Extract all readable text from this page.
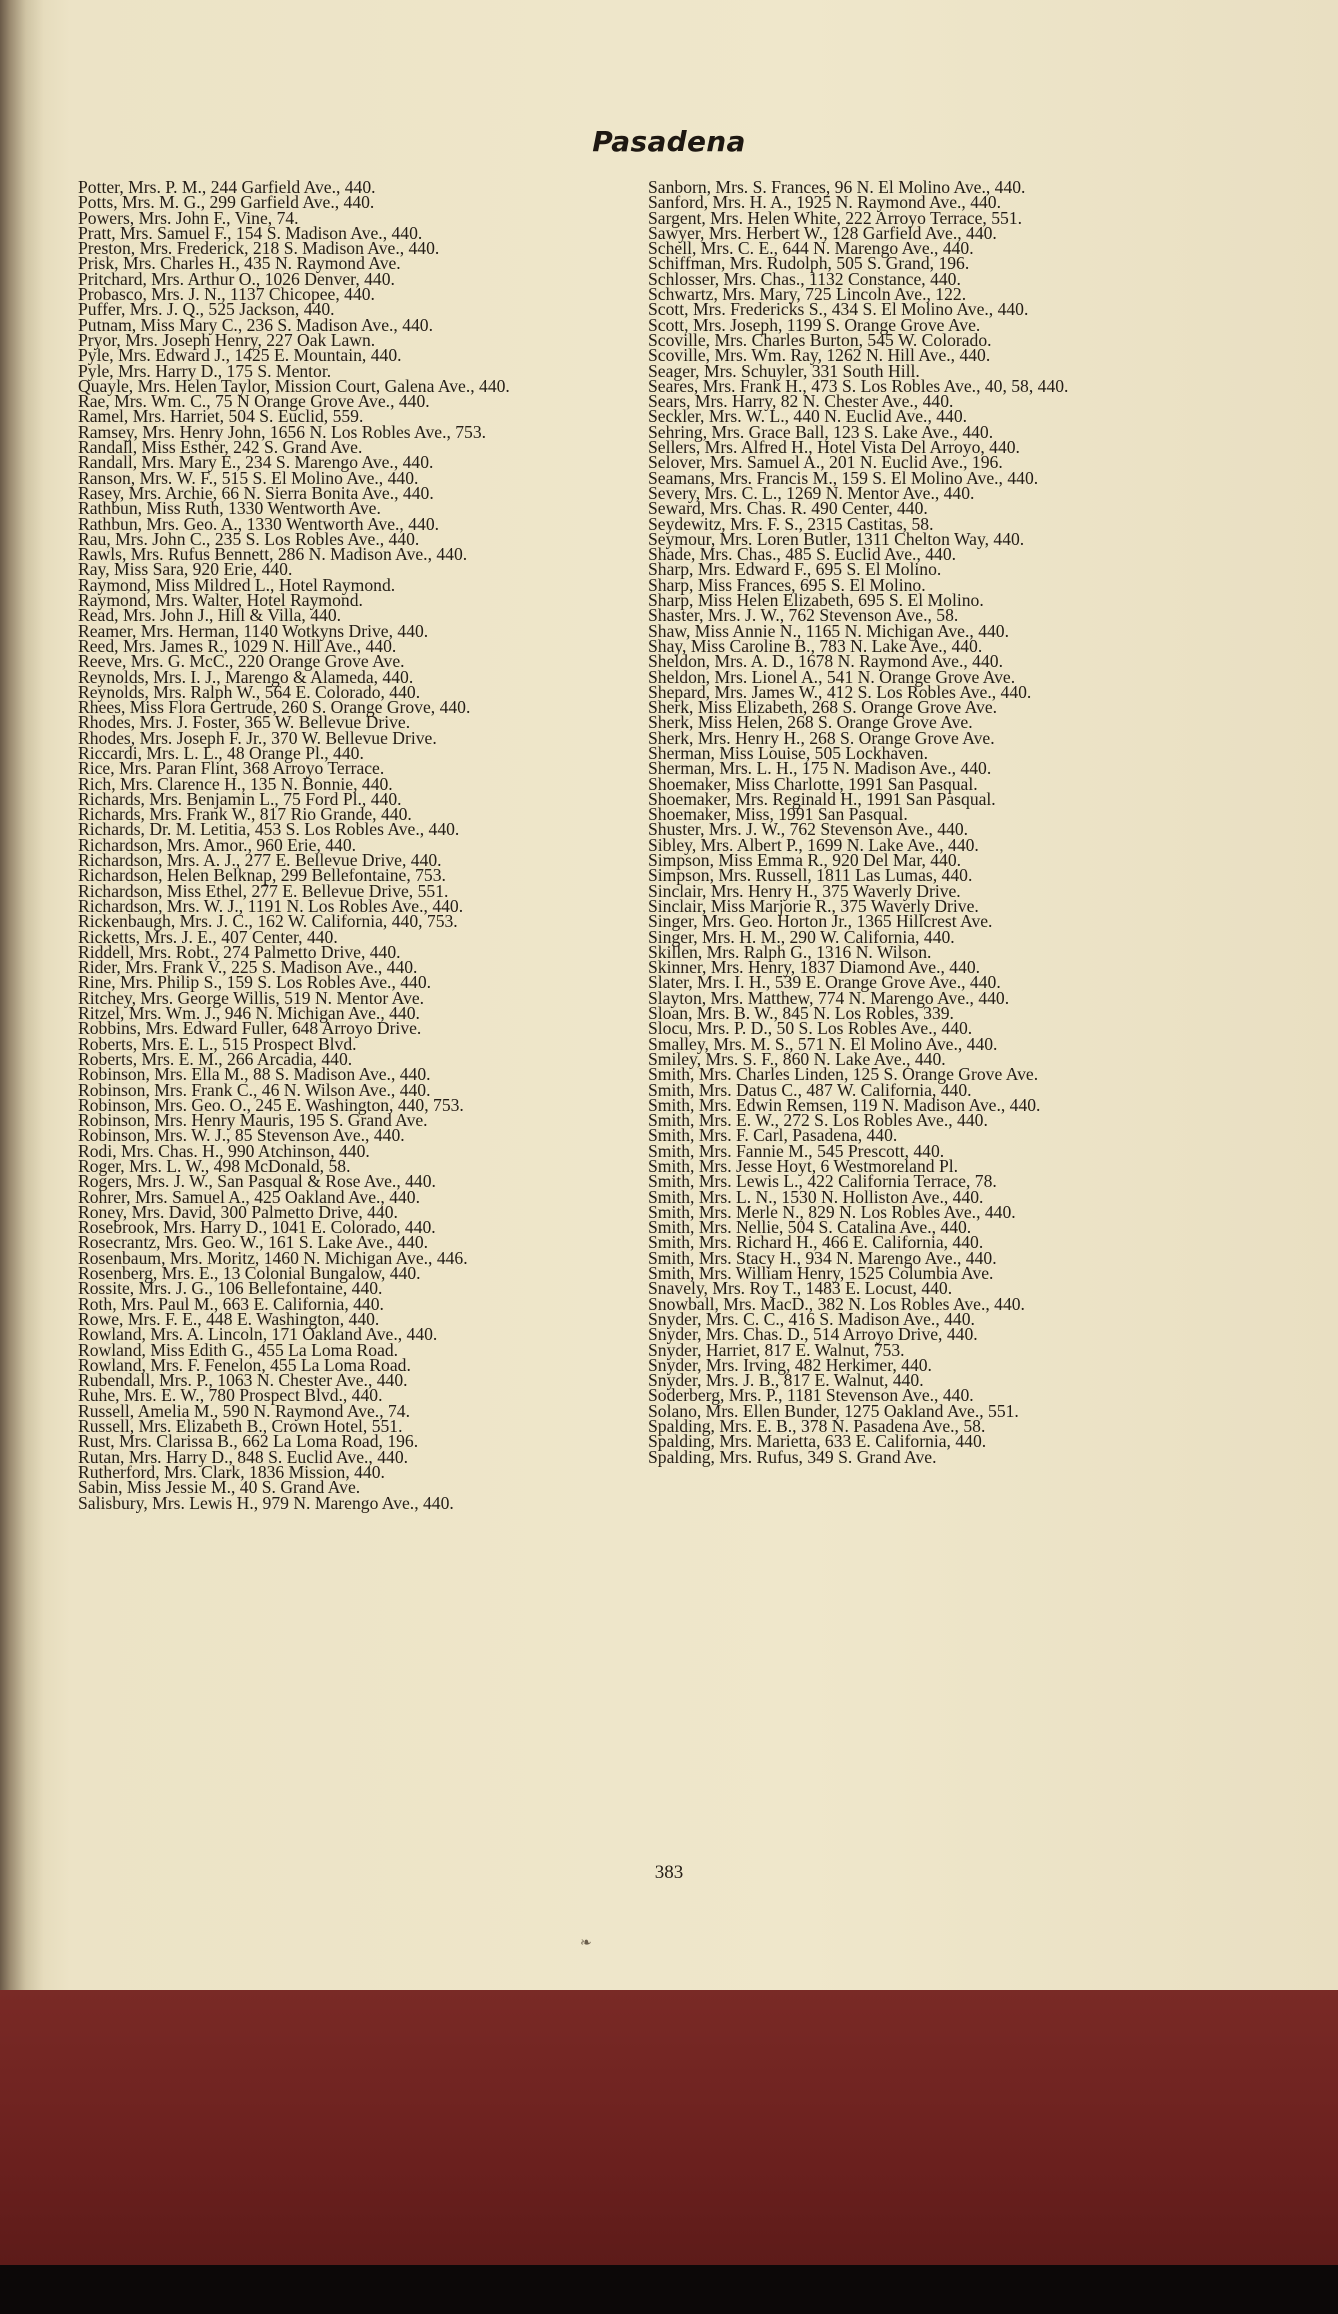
Pasadena

Potter, Mrs. P. M., 244 Garfield Ave., 440.

Potts, Mrs. M. G., 299 Garfield Ave., 440.

Powers, Mrs. John F., Vine, 74.

Pratt, Mrs. Samuel F., 154 S. Madison Ave., 440.

Preston, Mrs. Frederick, 218 S. Madison Ave., 440.

Prisk, Mrs. Charles H., 435 N. Raymond Ave.

Pritchard, Mrs. Arthur O., 1026 Denver, 440.

Probasco, Mrs. J. N., 1137 Chicopee, 440.

Puffer, Mrs. J. Q., 525 Jackson, 440.

Putnam, Miss Mary C., 236 S. Madison Ave., 440.

Pryor, Mrs. Joseph Henry, 227 Oak Lawn.

Pyle, Mrs. Edward J., 1425 E. Mountain, 440.

Pyle, Mrs. Harry D., 175 S. Mentor.

Quayle, Mrs. Helen Taylor, Mission Court, Galena Ave., 440.

Rae, Mrs. Wm. C., 75 N Orange Grove Ave., 440.

Ramel, Mrs. Harriet, 504 S. Euclid, 559.

Ramsey, Mrs. Henry John, 1656 N. Los Robles Ave., 753.

Randall, Miss Esther, 242 S. Grand Ave.

Randall, Mrs. Mary E., 234 S. Marengo Ave., 440.

Ranson, Mrs. W. F., 515 S. El Molino Ave., 440.

Rasey, Mrs. Archie, 66 N. Sierra Bonita Ave., 440.

Rathbun, Miss Ruth, 1330 Wentworth Ave.

Rathbun, Mrs. Geo. A., 1330 Wentworth Ave., 440.

Rau, Mrs. John C., 235 S. Los Robles Ave., 440.

Rawls, Mrs. Rufus Bennett, 286 N. Madison Ave., 440.

Ray, Miss Sara, 920 Erie, 440.

Raymond, Miss Mildred L., Hotel Raymond.

Raymond, Mrs. Walter, Hotel Raymond.

Read, Mrs. John J., Hill & Villa, 440.

Reamer, Mrs. Herman, 1140 Wotkyns Drive, 440.

Reed, Mrs. James R., 1029 N. Hill Ave., 440.

Reeve, Mrs. G. McC., 220 Orange Grove Ave.

Reynolds, Mrs. I. J., Marengo & Alameda, 440.

Reynolds, Mrs. Ralph W., 564 E. Colorado, 440.

Rhees, Miss Flora Gertrude, 260 S. Orange Grove, 440.

Rhodes, Mrs. J. Foster, 365 W. Bellevue Drive.

Rhodes, Mrs. Joseph F. Jr., 370 W. Bellevue Drive.

Riccardi, Mrs. L. L., 48 Orange Pl., 440.

Rice, Mrs. Paran Flint, 368 Arroyo Terrace.

Rich, Mrs. Clarence H., 135 N. Bonnie, 440.

Richards, Mrs. Benjamin L., 75 Ford Pl., 440.

Richards, Mrs. Frank W., 817 Rio Grande, 440.

Richards, Dr. M. Letitia, 453 S. Los Robles Ave., 440.

Richardson, Mrs. Amor., 960 Erie, 440.

Richardson, Mrs. A. J., 277 E. Bellevue Drive, 440.

Richardson, Helen Belknap, 299 Bellefontaine, 753.

Richardson, Miss Ethel, 277 E. Bellevue Drive, 551.

Richardson, Mrs. W. J., 1191 N. Los Robles Ave., 440.

Rickenbaugh, Mrs. J. C., 162 W. California, 440, 753.

Ricketts, Mrs. J. E., 407 Center, 440.

Riddell, Mrs. Robt., 274 Palmetto Drive, 440.

Rider, Mrs. Frank V., 225 S. Madison Ave., 440.

Rine, Mrs. Philip S., 159 S. Los Robles Ave., 440.

Ritchey, Mrs. George Willis, 519 N. Mentor Ave.

Ritzel, Mrs. Wm. J., 946 N. Michigan Ave., 440.

Robbins, Mrs. Edward Fuller, 648 Arroyo Drive.

Roberts, Mrs. E. L., 515 Prospect Blvd.

Roberts, Mrs. E. M., 266 Arcadia, 440.

Robinson, Mrs. Ella M., 88 S. Madison Ave., 440.

Robinson, Mrs. Frank C., 46 N. Wilson Ave., 440.

Robinson, Mrs. Geo. O., 245 E. Washington, 440, 753.

Robinson, Mrs. Henry Mauris, 195 S. Grand Ave.

Robinson, Mrs. W. J., 85 Stevenson Ave., 440.

Rodi, Mrs. Chas. H., 990 Atchinson, 440.

Roger, Mrs. L. W., 498 McDonald, 58.

Rogers, Mrs. J. W., San Pasqual & Rose Ave., 440.

Rohrer, Mrs. Samuel A., 425 Oakland Ave., 440.

Roney, Mrs. David, 300 Palmetto Drive, 440.

Rosebrook, Mrs. Harry D., 1041 E. Colorado, 440.

Rosecrantz, Mrs. Geo. W., 161 S. Lake Ave., 440.

Rosenbaum, Mrs. Moritz, 1460 N. Michigan Ave., 446.

Rosenberg, Mrs. E., 13 Colonial Bungalow, 440.

Rossite, Mrs. J. G., 106 Bellefontaine, 440.

Roth, Mrs. Paul M., 663 E. California, 440.

Rowe, Mrs. F. E., 448 E. Washington, 440.

Rowland, Mrs. A. Lincoln, 171 Oakland Ave., 440.

Rowland, Miss Edith G., 455 La Loma Road.

Rowland, Mrs. F. Fenelon, 455 La Loma Road.

Rubendall, Mrs. P., 1063 N. Chester Ave., 440.

Ruhe, Mrs. E. W., 780 Prospect Blvd., 440.

Russell, Amelia M., 590 N. Raymond Ave., 74.

Russell, Mrs. Elizabeth B., Crown Hotel, 551.

Rust, Mrs. Clarissa B., 662 La Loma Road, 196.

Rutan, Mrs. Harry D., 848 S. Euclid Ave., 440.

Rutherford, Mrs. Clark, 1836 Mission, 440.

Sabin, Miss Jessie M., 40 S. Grand Ave.

Salisbury, Mrs. Lewis H., 979 N. Marengo Ave., 440.

Sanborn, Mrs. S. Frances, 96 N. El Molino Ave., 440.

Sanford, Mrs. H. A., 1925 N. Raymond Ave., 440.

Sargent, Mrs. Helen White, 222 Arroyo Terrace, 551.

Sawyer, Mrs. Herbert W., 128 Garfield Ave., 440.

Schell, Mrs. C. E., 644 N. Marengo Ave., 440.

Schiffman, Mrs. Rudolph, 505 S. Grand, 196.

Schlosser, Mrs. Chas., 1132 Constance, 440.

Schwartz, Mrs. Mary, 725 Lincoln Ave., 122.

Scott, Mrs. Fredericks S., 434 S. El Molino Ave., 440.

Scott, Mrs. Joseph, 1199 S. Orange Grove Ave.

Scoville, Mrs. Charles Burton, 545 W. Colorado.

Scoville, Mrs. Wm. Ray, 1262 N. Hill Ave., 440.

Seager, Mrs. Schuyler, 331 South Hill.

Seares, Mrs. Frank H., 473 S. Los Robles Ave., 40, 58, 440.

Sears, Mrs. Harry, 82 N. Chester Ave., 440.

Seckler, Mrs. W. L., 440 N. Euclid Ave., 440.

Sehring, Mrs. Grace Ball, 123 S. Lake Ave., 440.

Sellers, Mrs. Alfred H., Hotel Vista Del Arroyo, 440.

Selover, Mrs. Samuel A., 201 N. Euclid Ave., 196.

Seamans, Mrs. Francis M., 159 S. El Molino Ave., 440.

Severy, Mrs. C. L., 1269 N. Mentor Ave., 440.

Seward, Mrs. Chas. R. 490 Center, 440.

Seydewitz, Mrs. F. S., 2315 Castitas, 58.

Seymour, Mrs. Loren Butler, 1311 Chelton Way, 440.

Shade, Mrs. Chas., 485 S. Euclid Ave., 440.

Sharp, Mrs. Edward F., 695 S. El Molino.

Sharp, Miss Frances, 695 S. El Molino.

Sharp, Miss Helen Elizabeth, 695 S. El Molino.

Shaster, Mrs. J. W., 762 Stevenson Ave., 58.

Shaw, Miss Annie N., 1165 N. Michigan Ave., 440.

Shay, Miss Caroline B., 783 N. Lake Ave., 440.

Sheldon, Mrs. A. D., 1678 N. Raymond Ave., 440.

Sheldon, Mrs. Lionel A., 541 N. Orange Grove Ave.

Shepard, Mrs. James W., 412 S. Los Robles Ave., 440.

Sherk, Miss Elizabeth, 268 S. Orange Grove Ave.

Sherk, Miss Helen, 268 S. Orange Grove Ave.

Sherk, Mrs. Henry H., 268 S. Orange Grove Ave.

Sherman, Miss Louise, 505 Lockhaven.

Sherman, Mrs. L. H., 175 N. Madison Ave., 440.

Shoemaker, Miss Charlotte, 1991 San Pasqual.

Shoemaker, Mrs. Reginald H., 1991 San Pasqual.

Shoemaker, Miss, 1991 San Pasqual.

Shuster, Mrs. J. W., 762 Stevenson Ave., 440.

Sibley, Mrs. Albert P., 1699 N. Lake Ave., 440.

Simpson, Miss Emma R., 920 Del Mar, 440.

Simpson, Mrs. Russell, 1811 Las Lumas, 440.

Sinclair, Mrs. Henry H., 375 Waverly Drive.

Sinclair, Miss Marjorie R., 375 Waverly Drive.

Singer, Mrs. Geo. Horton Jr., 1365 Hillcrest Ave.

Singer, Mrs. H. M., 290 W. California, 440.

Skillen, Mrs. Ralph G., 1316 N. Wilson.

Skinner, Mrs. Henry, 1837 Diamond Ave., 440.

Slater, Mrs. I. H., 539 E. Orange Grove Ave., 440.

Slayton, Mrs. Matthew, 774 N. Marengo Ave., 440.

Sloan, Mrs. B. W., 845 N. Los Robles, 339.

Slocu, Mrs. P. D., 50 S. Los Robles Ave., 440.

Smalley, Mrs. M. S., 571 N. El Molino Ave., 440.

Smiley, Mrs. S. F., 860 N. Lake Ave., 440.

Smith, Mrs. Charles Linden, 125 S. Orange Grove Ave.

Smith, Mrs. Datus C., 487 W. California, 440.

Smith, Mrs. Edwin Remsen, 119 N. Madison Ave., 440.

Smith, Mrs. E. W., 272 S. Los Robles Ave., 440.

Smith, Mrs. F. Carl, Pasadena, 440.

Smith, Mrs. Fannie M., 545 Prescott, 440.

Smith, Mrs. Jesse Hoyt, 6 Westmoreland Pl.

Smith, Mrs. Lewis L., 422 California Terrace, 78.

Smith, Mrs. L. N., 1530 N. Holliston Ave., 440.

Smith, Mrs. Merle N., 829 N. Los Robles Ave., 440.

Smith, Mrs. Nellie, 504 S. Catalina Ave., 440.

Smith, Mrs. Richard H., 466 E. California, 440.

Smith, Mrs. Stacy H., 934 N. Marengo Ave., 440.

Smith, Mrs. William Henry, 1525 Columbia Ave.

Snavely, Mrs. Roy T., 1483 E. Locust, 440.

Snowball, Mrs. MacD., 382 N. Los Robles Ave., 440.

Snyder, Mrs. C. C., 416 S. Madison Ave., 440.

Snyder, Mrs. Chas. D., 514 Arroyo Drive, 440.

Snyder, Harriet, 817 E. Walnut, 753.

Snyder, Mrs. Irving, 482 Herkimer, 440.

Snyder, Mrs. J. B., 817 E. Walnut, 440.

Soderberg, Mrs. P., 1181 Stevenson Ave., 440.

Solano, Mrs. Ellen Bunder, 1275 Oakland Ave., 551.

Spalding, Mrs. E. B., 378 N. Pasadena Ave., 58.

Spalding, Mrs. Marietta, 633 E. California, 440.

Spalding, Mrs. Rufus, 349 S. Grand Ave.

383
❧
